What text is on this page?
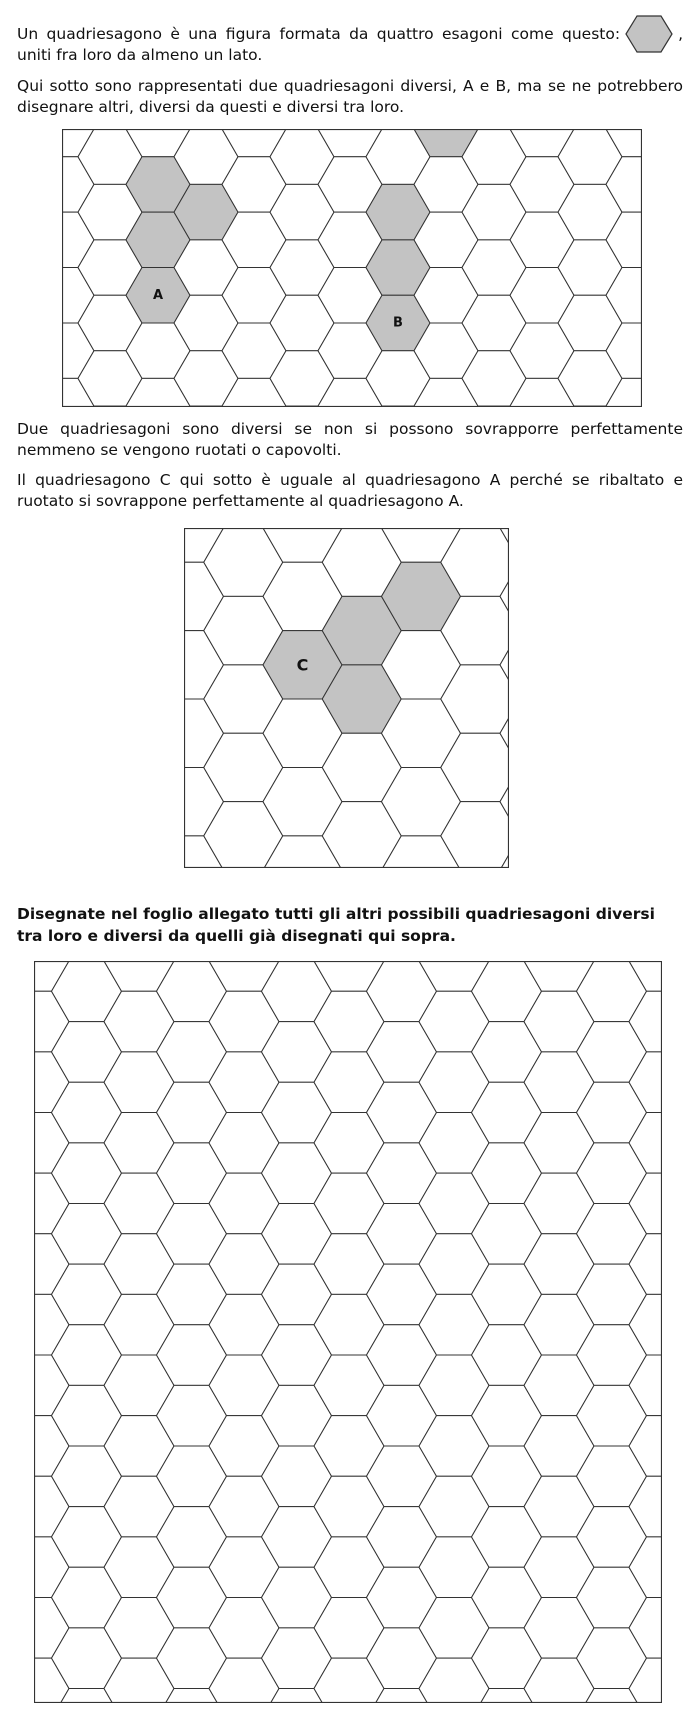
Un quadriesagono è una figura formata da quattro esagoni come questo:	, uniti fra loro da almeno un lato.

Qui sotto sono rappresentati due quadriesagoni diversi, A e B, ma se ne potrebbero disegnare altri, diversi da questi e diversi tra loro.

A
B

Due quadriesagoni sono diversi se non si possono sovrapporre perfettamente nemmeno se vengono ruotati o capovolti.

Il quadriesagono C qui sotto è uguale al quadriesagono A perché se ribaltato e ruotato si sovrappone perfettamente al quadriesagono A.

C

Disegnate nel foglio allegato tutti gli altri possibili quadriesagoni diversi tra loro e diversi da quelli già disegnati qui sopra.
